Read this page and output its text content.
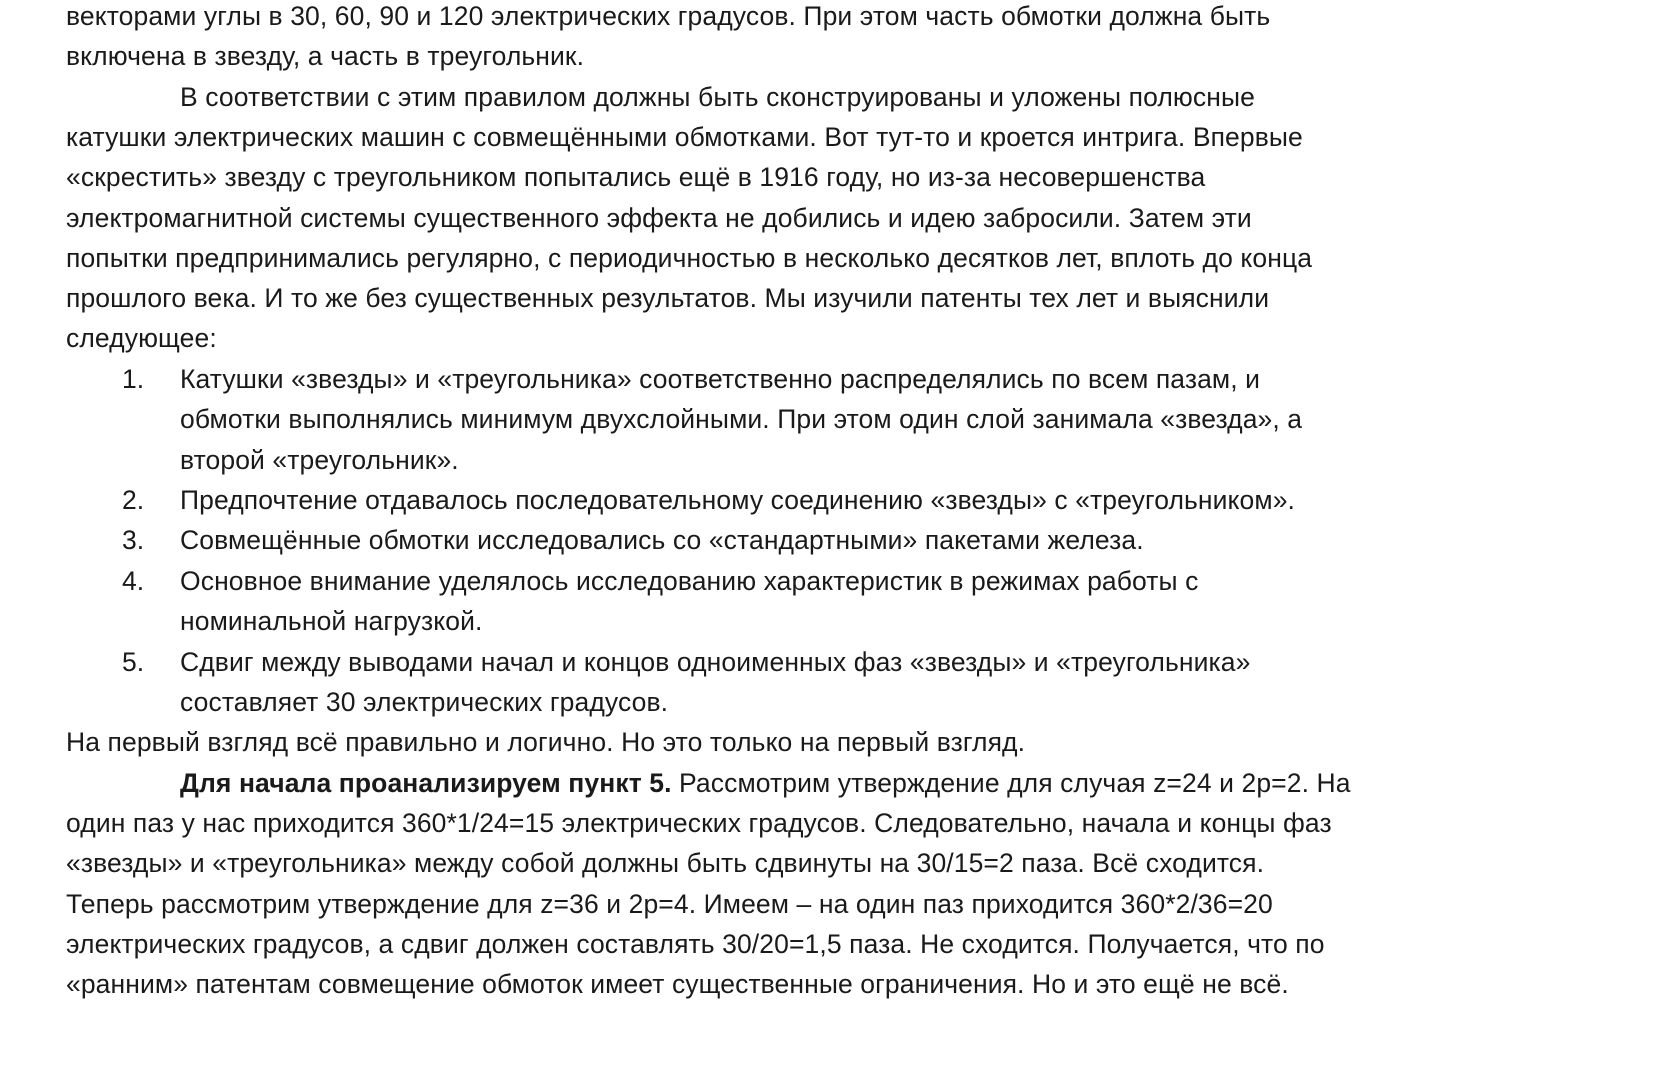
векторами углы в 30, 60, 90 и 120 электрических градусов. При этом часть обмотки должна быть
включена в звезду, а часть в треугольник.
В соответствии с этим правилом должны быть сконструированы и уложены полюсные
катушки электрических машин с совмещёнными обмотками. Вот тут-то и кроется интрига. Впервые
«скрестить» звезду с треугольником попытались ещё в 1916 году, но из-за несовершенства
электромагнитной системы существенного эффекта не добились и идею забросили. Затем эти
попытки предпринимались регулярно, с периодичностью в несколько десятков лет, вплоть до конца
прошлого века. И то же без существенных результатов. Мы изучили патенты тех лет и выяснили
следующее:
1. Катушки «звезды» и «треугольника» соответственно распределялись по всем пазам, и
обмотки выполнялись минимум двухслойными. При этом один слой занимала «звезда», а
второй «треугольник».
2. Предпочтение отдавалось последовательному соединению «звезды» с «треугольником».
3. Совмещённые обмотки исследовались со «стандартными» пакетами железа.
4. Основное внимание уделялось исследованию характеристик в режимах работы с
номинальной нагрузкой.
5. Сдвиг между выводами начал и концов одноименных фаз «звезды» и «треугольника»
составляет 30 электрических градусов.
На первый взгляд всё правильно и логично. Но это только на первый взгляд.
Для начала проанализируем пункт 5. Рассмотрим утверждение для случая z=24 и 2p=2. На
один паз у нас приходится 360*1/24=15 электрических градусов. Следовательно, начала и концы фаз
«звезды» и «треугольника» между собой должны быть сдвинуты на 30/15=2 паза. Всё сходится.
Теперь рассмотрим утверждение для z=36 и 2p=4. Имеем – на один паз приходится 360*2/36=20
электрических градусов, а сдвиг должен составлять 30/20=1,5 паза. Не сходится. Получается, что по
«ранним» патентам совмещение обмоток имеет существенные ограничения. Но и это ещё не всё.
